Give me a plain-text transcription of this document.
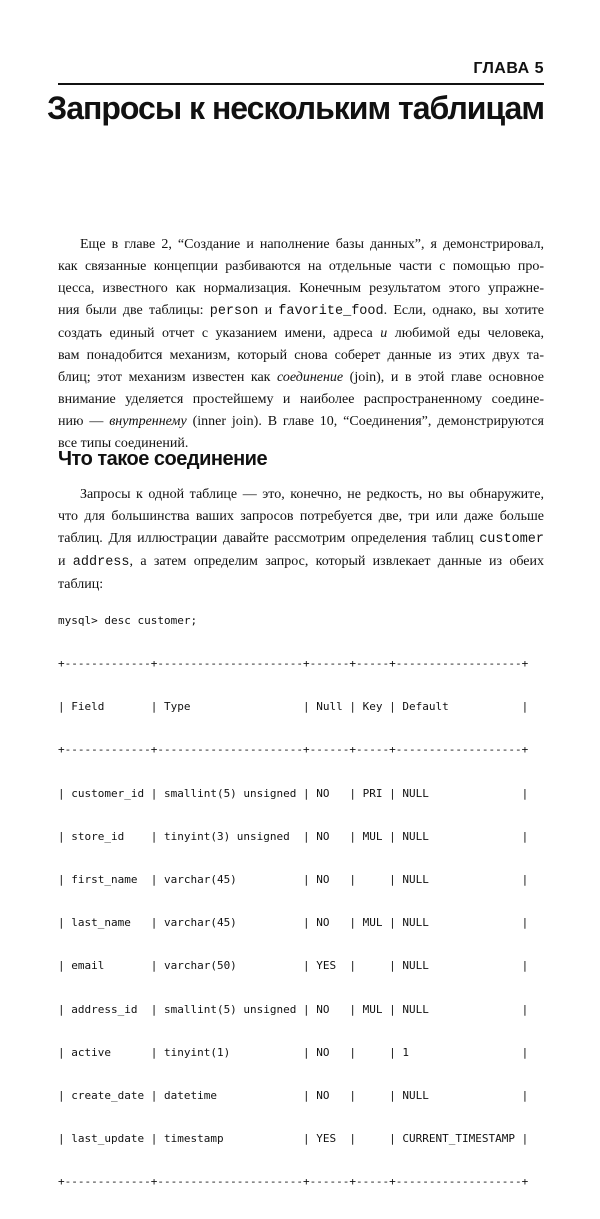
ГЛАВА 5
Запросы к нескольким таблицам
Еще в главе 2, “Создание и наполнение базы данных”, я демонстрировал,
как связанные концепции разбиваются на отдельные части с помощью про-
цесса, известного как нормализация. Конечным результатом этого упражне-
ния были две таблицы: person и favorite_food. Если, однако, вы хотите
создать единый отчет с указанием имени, адреса и любимой еды человека,
вам понадобится механизм, который снова соберет данные из этих двух та-
блиц; этот механизм известен как соединение (join), и в этой главе основное
внимание уделяется простейшему и наиболее распространенному соедине-
нию — внутреннему (inner join). В главе 10, “Соединения”, демонстрируются
все типы соединений.
Что такое соединение
Запросы к одной таблице — это, конечно, не редкость, но вы обнаружите,
что для большинства ваших запросов потребуется две, три или даже больше
таблиц. Для иллюстрации давайте рассмотрим определения таблиц customer
и address, а затем определим запрос, который извлекает данные из обеих
таблиц:

mysql> desc customer;

+-------------+----------------------+------+-----+-------------------+

| Field       | Type                 | Null | Key | Default           |

+-------------+----------------------+------+-----+-------------------+

| customer_id | smallint(5) unsigned | NO   | PRI | NULL              |

| store_id    | tinyint(3) unsigned  | NO   | MUL | NULL              |

| first_name  | varchar(45)          | NO   |     | NULL              |

| last_name   | varchar(45)          | NO   | MUL | NULL              |

| email       | varchar(50)          | YES  |     | NULL              |

| address_id  | smallint(5) unsigned | NO   | MUL | NULL              |

| active      | tinyint(1)           | NO   |     | 1                 |

| create_date | datetime             | NO   |     | NULL              |

| last_update | timestamp            | YES  |     | CURRENT_TIMESTAMP |

+-------------+----------------------+------+-----+-------------------+
